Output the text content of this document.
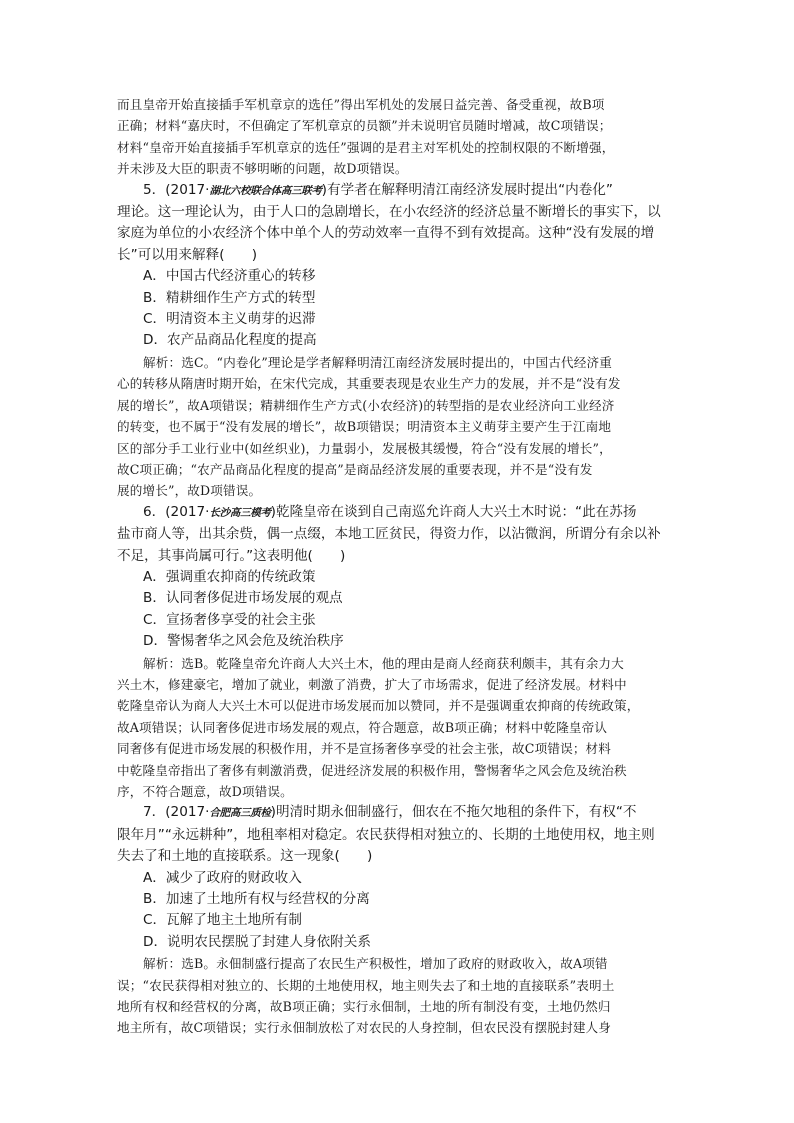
而且皇帝开始直接插手军机章京的选任”得出军机处的发展日益完善、备受重视，故B项
正确；材料“嘉庆时，不但确定了军机章京的员额”并未说明官员随时增减，故C项错误；
材料“皇帝开始直接插手军机章京的选任”强调的是君主对军机处的控制权限的不断增强，
并未涉及大臣的职责不够明晰的问题，故D项错误。
5．(2017·湖北六校联合体高三联考)有学者在解释明清江南经济发展时提出“内卷化”
理论。这一理论认为，由于人口的急剧增长，在小农经济的经济总量不断增长的事实下，以
家庭为单位的小农经济个体中单个人的劳动效率一直得不到有效提高。这种“没有发展的增
长”可以用来解释(　　)
A．中国古代经济重心的转移
B．精耕细作生产方式的转型
C．明清资本主义萌芽的迟滞
D．农产品商品化程度的提高
解析：选C。“内卷化”理论是学者解释明清江南经济发展时提出的，中国古代经济重
心的转移从隋唐时期开始，在宋代完成，其重要表现是农业生产力的发展，并不是“没有发
展的增长”，故A项错误；精耕细作生产方式(小农经济)的转型指的是农业经济向工业经济
的转变，也不属于“没有发展的增长”，故B项错误；明清资本主义萌芽主要产生于江南地
区的部分手工业行业中(如丝织业)，力量弱小，发展极其缓慢，符合“没有发展的增长”，
故C项正确；“农产品商品化程度的提高”是商品经济发展的重要表现，并不是“没有发
展的增长”，故D项错误。
6．(2017·长沙高三模考)乾隆皇帝在谈到自己南巡允许商人大兴土木时说：“此在苏扬
盐市商人等，出其余赀，偶一点缀，本地工匠贫民，得资力作，以沾微润，所谓分有余以补
不足，其事尚属可行。”这表明他(　　)
A．强调重农抑商的传统政策
B．认同奢侈促进市场发展的观点
C．宣扬奢侈享受的社会主张
D．警惕奢华之风会危及统治秩序
解析：选B。乾隆皇帝允许商人大兴土木，他的理由是商人经商获利颇丰，其有余力大
兴土木，修建豪宅，增加了就业，刺激了消费，扩大了市场需求，促进了经济发展。材料中
乾隆皇帝认为商人大兴土木可以促进市场发展而加以赞同，并不是强调重农抑商的传统政策，
故A项错误；认同奢侈促进市场发展的观点，符合题意，故B项正确；材料中乾隆皇帝认
同奢侈有促进市场发展的积极作用，并不是宣扬奢侈享受的社会主张，故C项错误；材料
中乾隆皇帝指出了奢侈有刺激消费，促进经济发展的积极作用，警惕奢华之风会危及统治秩
序，不符合题意，故D项错误。
7．(2017·合肥高三质检)明清时期永佃制盛行，佃农在不拖欠地租的条件下，有权“不
限年月”“永远耕种”，地租率相对稳定。农民获得相对独立的、长期的土地使用权，地主则
失去了和土地的直接联系。这一现象(　　)
A．减少了政府的财政收入
B．加速了土地所有权与经营权的分离
C．瓦解了地主土地所有制
D．说明农民摆脱了封建人身依附关系
解析：选B。永佃制盛行提高了农民生产积极性，增加了政府的财政收入，故A项错
误；“农民获得相对独立的、长期的土地使用权，地主则失去了和土地的直接联系”表明土
地所有权和经营权的分离，故B项正确；实行永佃制，土地的所有制没有变，土地仍然归
地主所有，故C项错误；实行永佃制放松了对农民的人身控制，但农民没有摆脱封建人身
